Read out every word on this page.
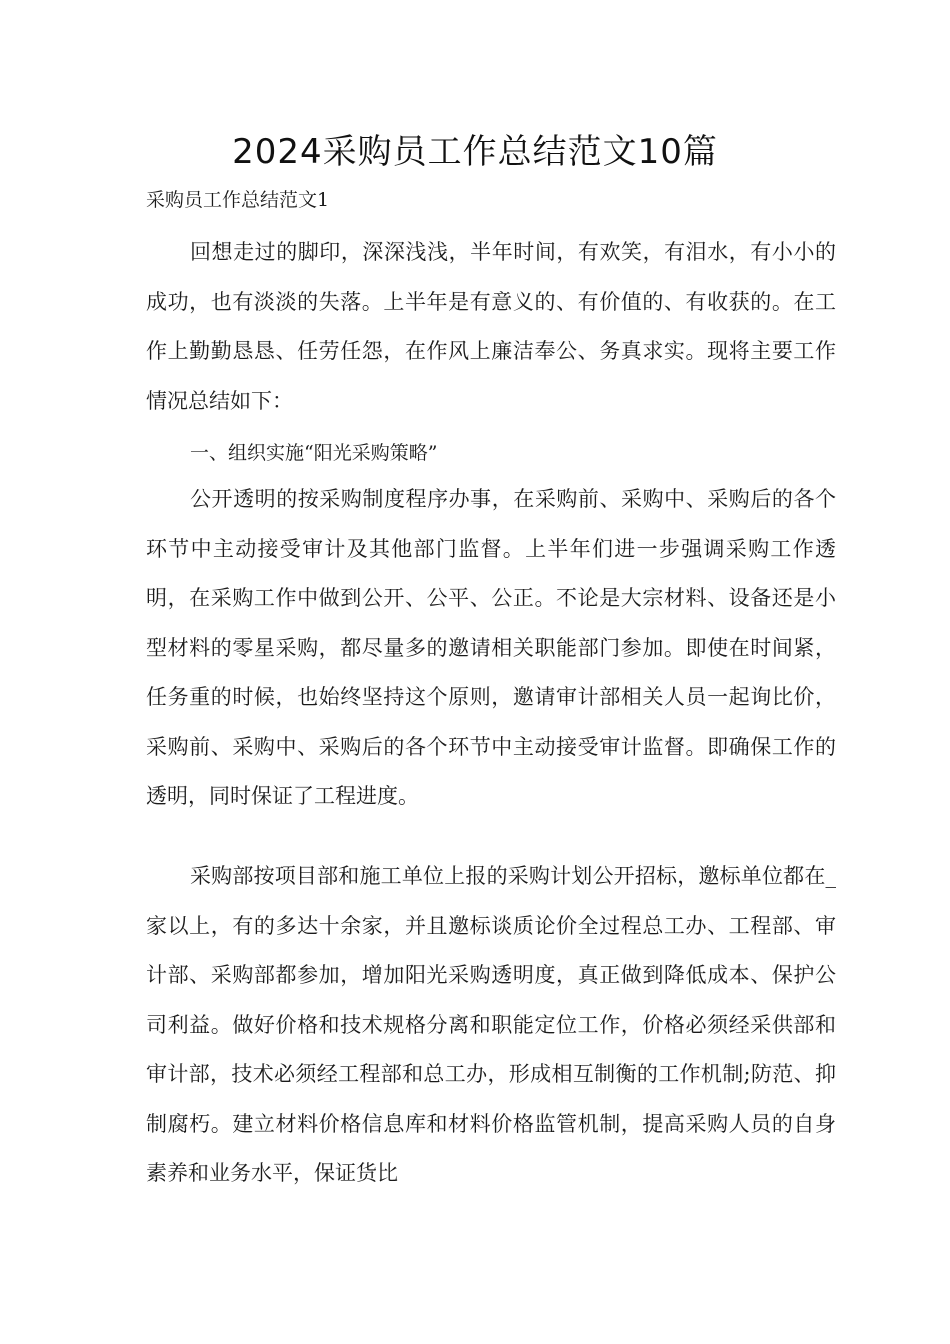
2024采购员工作总结范文10篇
采购员工作总结范文1

回想走过的脚印，深深浅浅，半年时间，有欢笑，有泪水，有小小的成功，也有淡淡的失落。上半年是有意义的、有价值的、有收获的。在工作上勤勤恳恳、任劳任怨，在作风上廉洁奉公、务真求实。现将主要工作情况总结如下：

一、组织实施“阳光采购策略”

公开透明的按采购制度程序办事，在采购前、采购中、采购后的各个环节中主动接受审计及其他部门监督。上半年们进一步强调采购工作透明，在采购工作中做到公开、公平、公正。不论是大宗材料、设备还是小型材料的零星采购，都尽量多的邀请相关职能部门参加。即使在时间紧，任务重的时候，也始终坚持这个原则，邀请审计部相关人员一起询比价，采购前、采购中、采购后的各个环节中主动接受审计监督。即确保工作的透明，同时保证了工程进度。

采购部按项目部和施工单位上报的采购计划公开招标，邀标单位都在_家以上，有的多达十余家，并且邀标谈质论价全过程总工办、工程部、审计部、采购部都参加，增加阳光采购透明度，真正做到降低成本、保护公司利益。做好价格和技术规格分离和职能定位工作，价格必须经采供部和审计部，技术必须经工程部和总工办，形成相互制衡的工作机制;防范、抑制腐朽。建立材料价格信息库和材料价格监管机制，提高采购人员的自身素养和业务水平，保证货比
